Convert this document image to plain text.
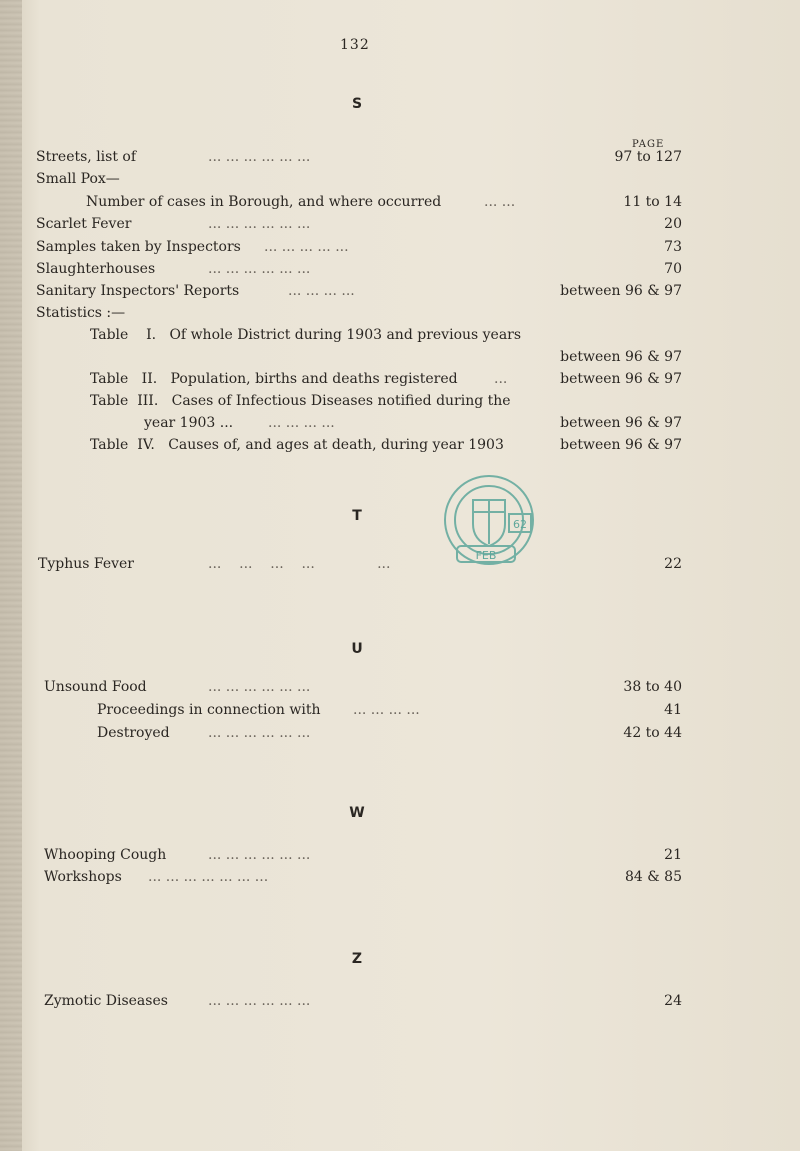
132
S
PAGE
Streets, list of	... ... ... ... ... ...	97 to 127
Small Pox—
Number of cases in Borough, and where occurred	... ...	11 to 14
Scarlet Fever	... ... ... ... ... ...	20
Samples taken by Inspectors ... ... ... ... ...	73
Slaughterhouses	... ... ... ... ... ...	70
Sanitary Inspectors' Reports	... ... ... ...	between 96 & 97
Statistics :—

Table    I.   Of whole District during 1903 and previous years

between 96 & 97
Table   II.   Population, births and deaths registered	...	between 96 & 97
Table  III.   Cases of Infectious Diseases notified during the
year 1903 ... ... ... ... ...	between 96 & 97
Table  IV.   Causes of, and ages at death, during year 1903	between 96 & 97
T
62
FEB
Typhus Fever	...    ...    ...    ...              ...	22
U
Unsound Food	... ... ... ... ... ...	38 to 40
Proceedings in connection with ... ... ... ...	41
Destroyed	... ... ... ... ... ...	42 to 44
W
Whooping Cough	... ... ... ... ... ...	21
Workshops ... ... ... ... ... ... ...	84 & 85
Z
Zymotic Diseases	... ... ... ... ... ...	24
